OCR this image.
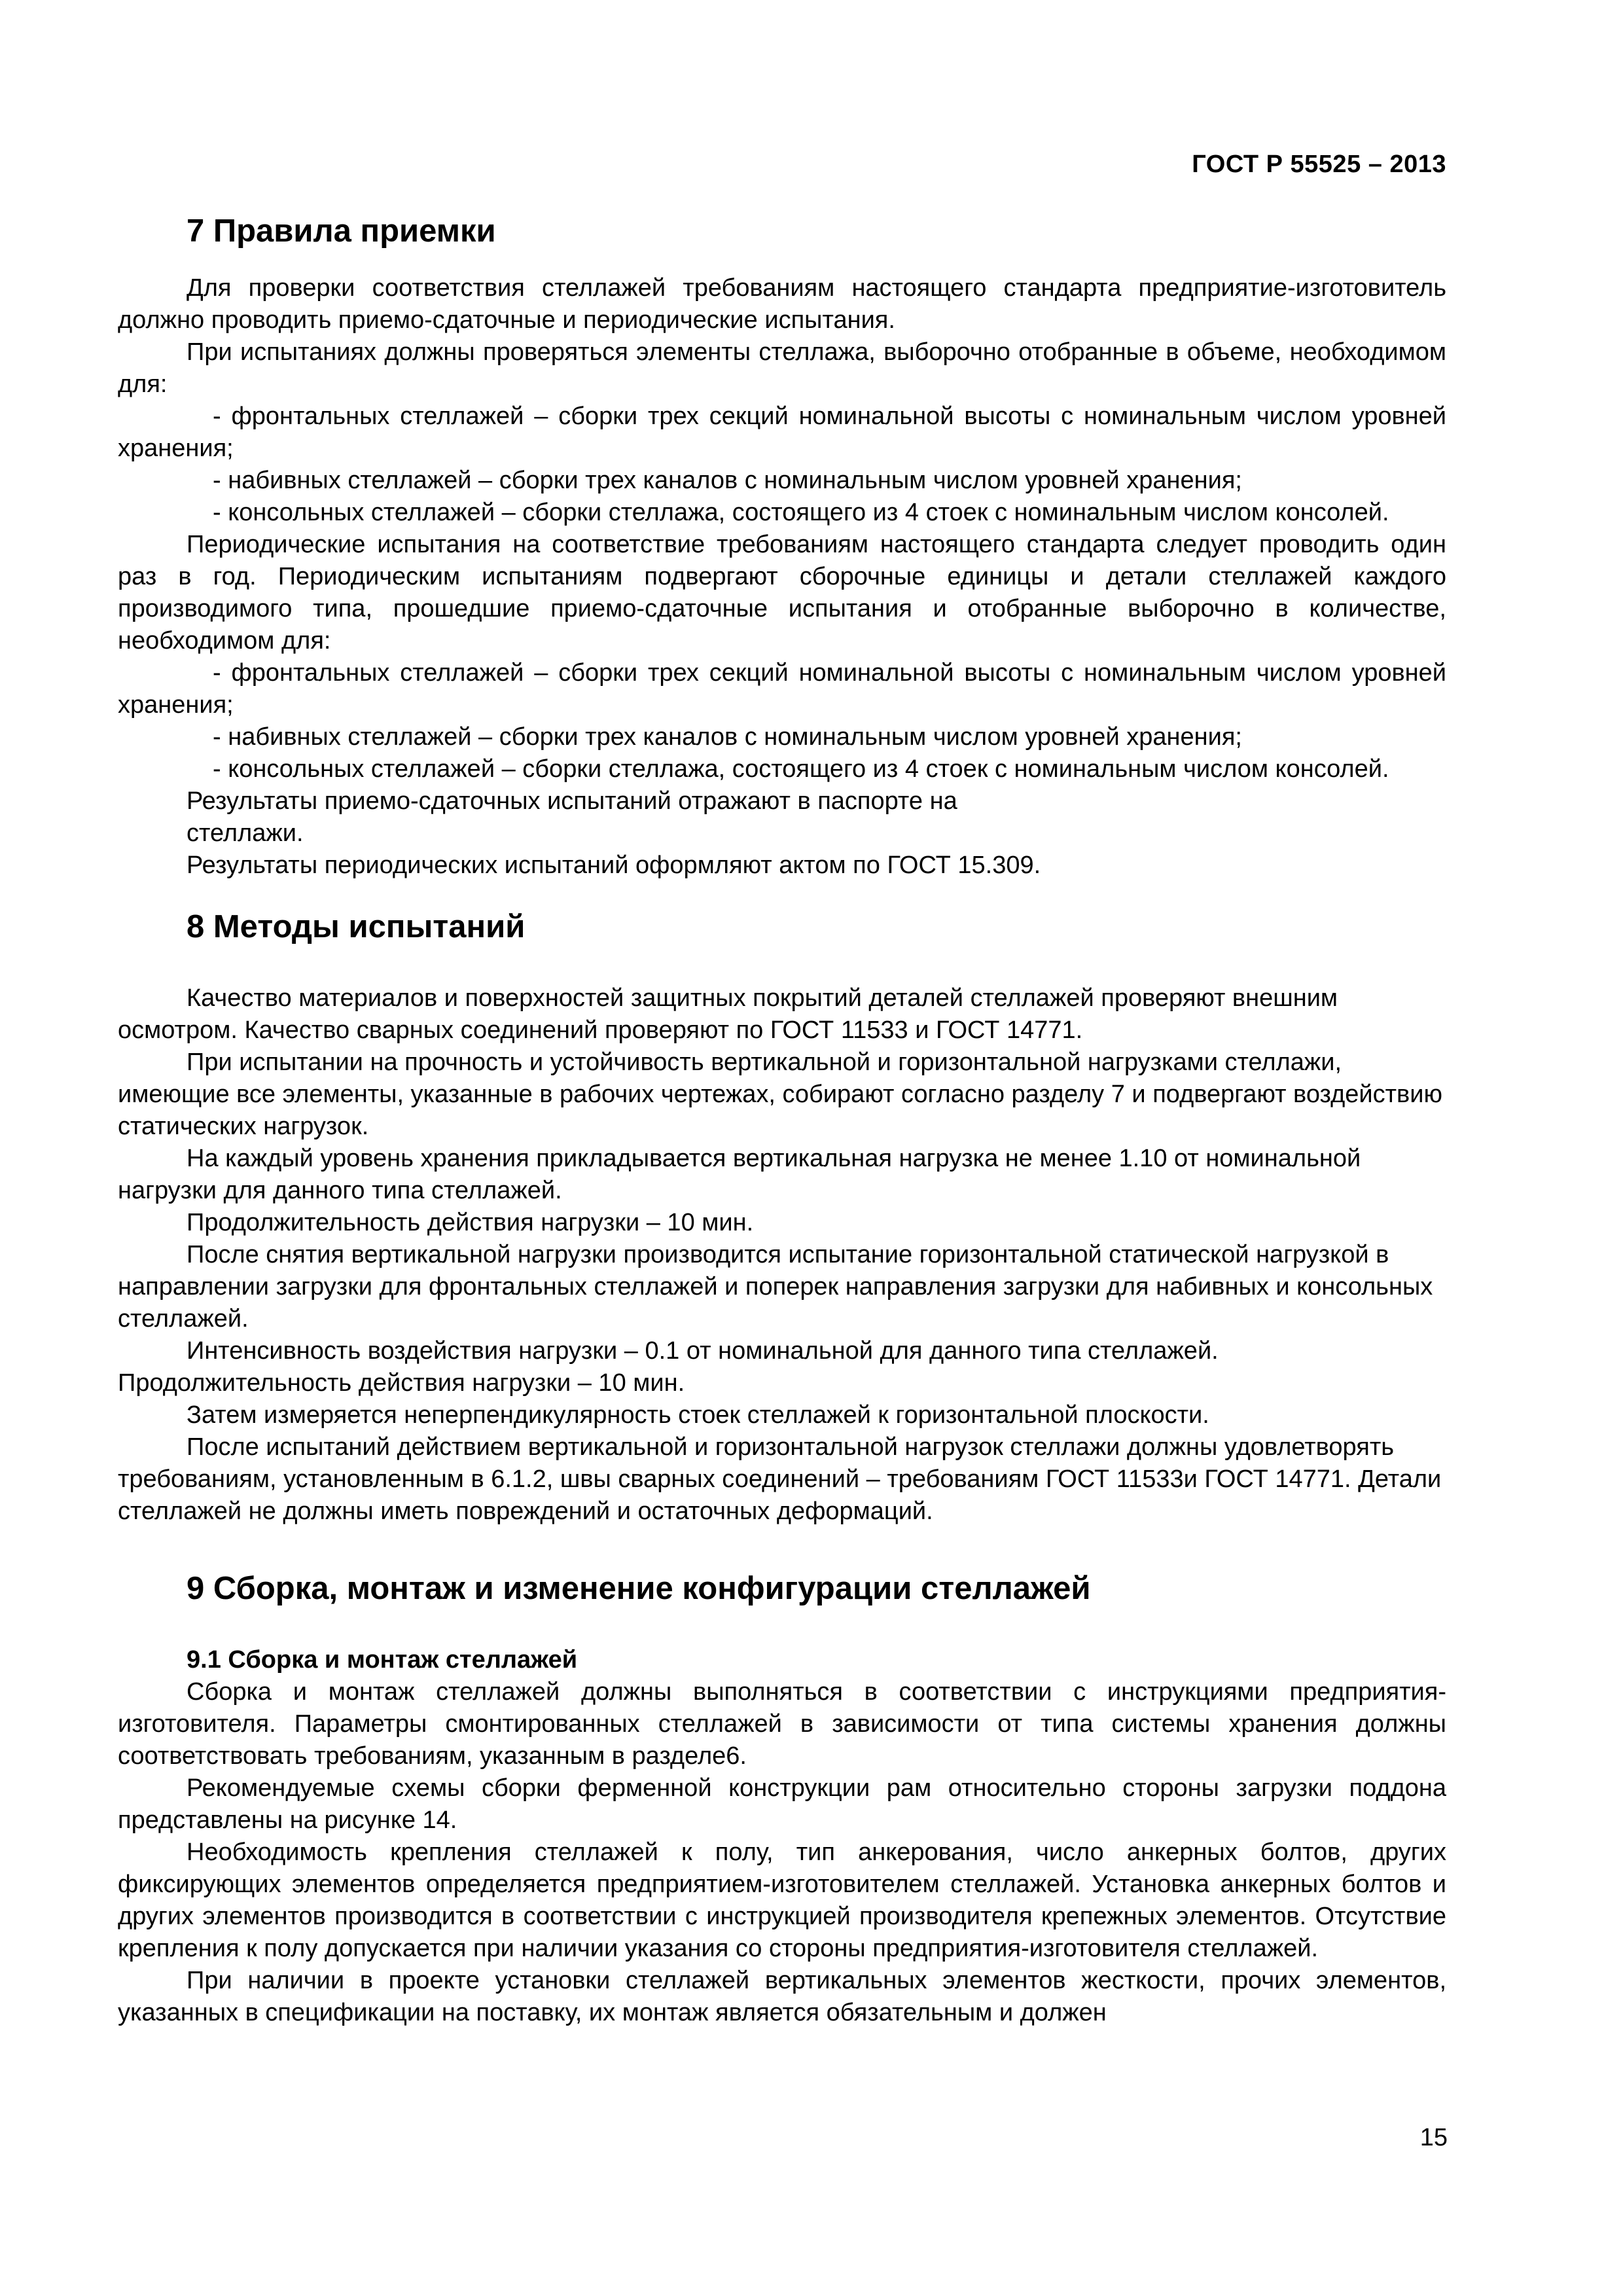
ГОСТ Р 55525 – 2013
7 Правила приемки

Для проверки соответствия стеллажей требованиям настоящего стандарта предприятие-изготовитель должно проводить приемо-сдаточные и периодические испытания.

При испытаниях должны проверяться элементы стеллажа, выборочно отобранные в объеме, необходимом для:

- фронтальных стеллажей – сборки трех секций номинальной высоты с номинальным числом уровней хранения;

- набивных стеллажей – сборки трех каналов с номинальным числом уровней хранения;

- консольных стеллажей – сборки стеллажа, состоящего из 4 стоек с номинальным числом консолей.

Периодические испытания на соответствие требованиям настоящего стандарта следует проводить один раз в год. Периодическим испытаниям подвергают сборочные единицы и детали стеллажей каждого производимого типа, прошедшие приемо-сдаточные испытания и отобранные выборочно в количестве, необходимом для:

- фронтальных стеллажей – сборки трех секций номинальной высоты с номинальным числом уровней хранения;

- набивных стеллажей – сборки трех каналов с номинальным числом уровней хранения;

- консольных стеллажей – сборки стеллажа, состоящего из 4 стоек с номинальным числом консолей.

Результаты приемо-сдаточных испытаний отражают в паспорте на

стеллажи.

Результаты периодических испытаний оформляют актом по ГОСТ 15.309.

8 Методы испытаний

Качество материалов и поверхностей защитных покрытий деталей стеллажей проверяют внешним осмотром. Качество сварных соединений проверяют по ГОСТ 11533 и ГОСТ 14771.

При испытании на прочность и устойчивость вертикальной и горизонтальной нагрузками стеллажи, имеющие все элементы, указанные в рабочих чертежах, собирают согласно разделу 7 и подвергают воздействию статических нагрузок.

На каждый уровень хранения прикладывается вертикальная нагрузка не менее 1.10 от номинальной нагрузки для данного типа стеллажей.

Продолжительность действия нагрузки – 10 мин.

После снятия вертикальной нагрузки производится испытание горизонтальной статической нагрузкой в направлении загрузки для фронтальных стеллажей и поперек направления загрузки для набивных и консольных стеллажей.

Интенсивность воздействия нагрузки – 0.1 от номинальной для данного типа стеллажей.

Продолжительность действия нагрузки – 10 мин.

Затем измеряется неперпендикулярность стоек стеллажей к горизонтальной плоскости.

После испытаний действием вертикальной и горизонтальной нагрузок стеллажи должны удовлетворять требованиям, установленным в 6.1.2, швы сварных соединений – требованиям ГОСТ 11533и ГОСТ 14771. Детали стеллажей не должны иметь повреждений и остаточных деформаций.

9 Сборка, монтаж и изменение конфигурации стеллажей
9.1 Сборка и монтаж стеллажей

Сборка и монтаж стеллажей должны выполняться в соответствии с инструкциями предприятия-изготовителя. Параметры смонтированных стеллажей в зависимости от типа системы хранения должны соответствовать требованиям, указанным в разделе6.

Рекомендуемые схемы сборки ферменной конструкции рам относительно стороны загрузки поддона представлены на рисунке 14.

Необходимость крепления стеллажей к полу, тип анкерования, число анкерных болтов, других фиксирующих элементов определяется предприятием-изготовителем стеллажей. Установка анкерных болтов и других элементов производится в соответствии с инструкцией производителя крепежных элементов. Отсутствие крепления к полу допускается при наличии указания со стороны предприятия-изготовителя стеллажей.

При наличии в проекте установки стеллажей вертикальных элементов жесткости, прочих элементов, указанных в спецификации на поставку, их монтаж является обязательным и должен

15
